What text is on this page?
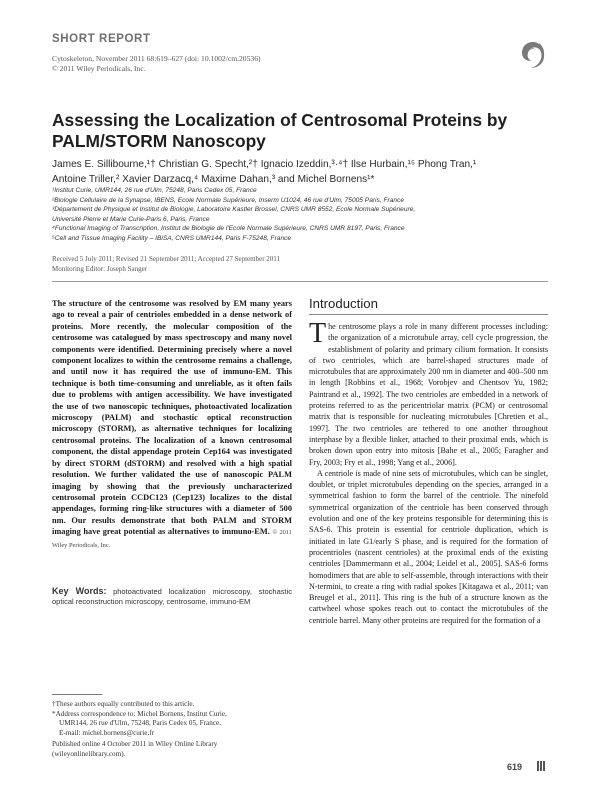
SHORT REPORT
Cytoskeleton, November 2011 68:619–627 (doi: 10.1002/cm.20536)
© 2011 Wiley Periodicals, Inc.
Assessing the Localization of Centrosomal Proteins by PALM/STORM Nanoscopy
James E. Sillibourne,¹† Christian G. Specht,²† Ignacio Izeddin,³·⁴† Ilse Hurbain,¹⁵ Phong Tran,¹
Antoine Triller,² Xavier Darzacq,⁴ Maxime Dahan,³ and Michel Bornens¹*
¹Institut Curie, UMR144, 26 rue d'Ulm, 75248, Paris Cedex 05, France
²Biologie Cellulaire de la Synapse, IBENS, Ecole Normale Supérieure, Inserm U1024, 46 rue d'Ulm, 75005 Paris, France
³Département de Physique et Institut de Biologie, Laboratoire Kastler Brossel, CNRS UMR 8552, Ecole Normale Supérieure,
Université Pierre et Marie Curie-Paris 6, Paris, France
⁴Functional Imaging of Transcription, Institut de Biologie de l'Ecole Normale Supérieure, CNRS UMR 8197, Paris, France
⁵Cell and Tissue Imaging Facility – IBiSA, CNRS UMR144, Paris F-75248, France
Received 5 July 2011; Revised 21 September 2011; Accepted 27 September 2011
Monitoring Editor: Joseph Sanger
The structure of the centrosome was resolved by EM many years ago to reveal a pair of centrioles embedded in a dense network of proteins. More recently, the molecular composition of the centrosome was catalogued by mass spectroscopy and many novel components were identified. Determining precisely where a novel component localizes to within the centrosome remains a challenge, and until now it has required the use of immuno-EM. This technique is both time-consuming and unreliable, as it often fails due to problems with antigen accessibility. We have investigated the use of two nanoscopic techniques, photoactivated localization microscopy (PALM) and stochastic optical reconstruction microscopy (STORM), as alternative techniques for localizing centrosomal proteins. The localization of a known centrosomal component, the distal appendage protein Cep164 was investigated by direct STORM (dSTORM) and resolved with a high spatial resolution. We further validated the use of nanoscopic PALM imaging by showing that the previously uncharacterized centrosomal protein CCDC123 (Cep123) localizes to the distal appendages, forming ring-like structures with a diameter of 500 nm. Our results demonstrate that both PALM and STORM imaging have great potential as alternatives to immuno-EM. © 2011 Wiley Periodicals, Inc.
Key Words: photoactivated localization microscopy, stochastic optical reconstruction microscopy, centrosome, immuno-EM

†These authors equally contributed to this article.

*Address correspondence to: Michel Bornens, Institut Curie,

UMR144, 26 rue d'Ulm, 75248, Paris Cedex 05, France.

E-mail: michel.bornens@curie.fr

Published online 4 October 2011 in Wiley Online Library

(wileyonlinelibrary.com).

Introduction

The centrosome plays a role in many different processes including: the organization of a microtubule array, cell cycle progression, the establishment of polarity and primary cilium formation. It consists of two centrioles, which are barrel-shaped structures made of microtubules that are approximately 200 nm in diameter and 400–500 nm in length [Robbins et al., 1968; Vorobjev and Chentsov Yu, 1982; Paintrand et al., 1992]. The two centrioles are embedded in a network of proteins referred to as the pericentriolar matrix (PCM) or centrosomal matrix that is responsible for nucleating microtubules [Chretien et al., 1997]. The two centrioles are tethered to one another throughout interphase by a flexible linker, attached to their proximal ends, which is broken down upon entry into mitosis [Bahe et al., 2005; Faragher and Fry, 2003; Fry et al., 1998; Yang et al., 2006].

A centriole is made of nine sets of microtubules, which can be singlet, doublet, or triplet microtubules depending on the species, arranged in a symmetrical fashion to form the barrel of the centriole. The ninefold symmetrical organization of the centriole has been conserved through evolution and one of the key proteins responsible for determining this is SAS-6. This protein is essential for centriole duplication, which is initiated in late G1/early S phase, and is required for the formation of procentrioles (nascent centrioles) at the proximal ends of the existing centrioles [Dammermann et al., 2004; Leidel et al., 2005]. SAS-6 forms homodimers that are able to self-assemble, through interactions with their N-termini, to create a ring with radial spokes [Kitagawa et al., 2011; van Breugel et al., 2011]. This ring is the hub of a structure known as the cartwheel whose spokes reach out to contact the microtubules of the centriole barrel. Many other proteins are required for the formation of a

619
